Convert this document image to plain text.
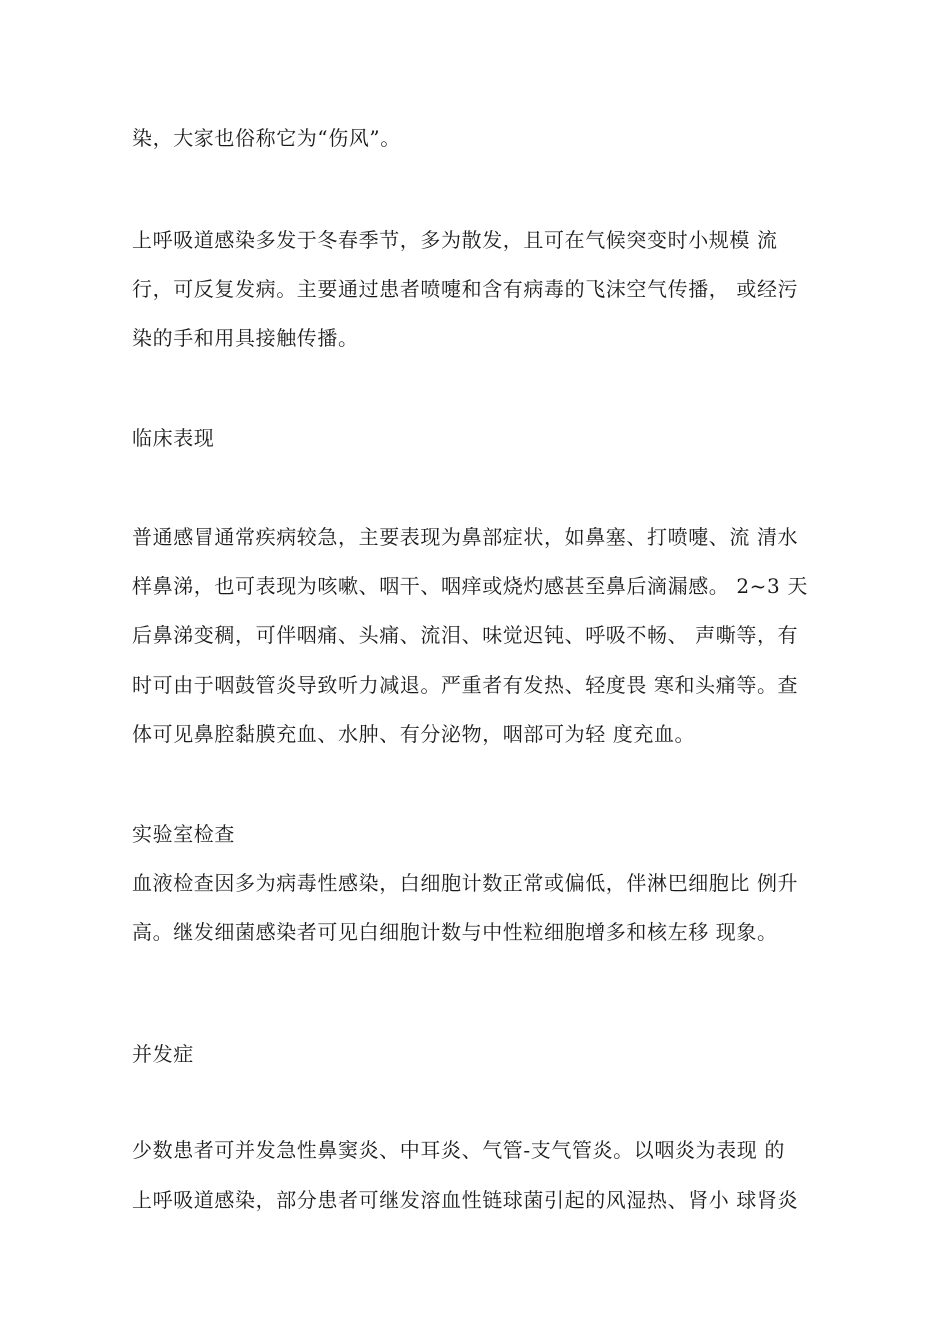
染，大家也俗称它为“伤风”。
上呼吸道感染多发于冬春季节，多为散发，且可在气候突变时小规模 流
行，可反复发病。主要通过患者喷嚏和含有病毒的飞沫空气传播， 或经污
染的手和用具接触传播。
临床表现
普通感冒通常疾病较急，主要表现为鼻部症状，如鼻塞、打喷嚏、流 清水
样鼻涕，也可表现为咳嗽、咽干、咽痒或烧灼感甚至鼻后滴漏感。 2~3 天
后鼻涕变稠，可伴咽痛、头痛、流泪、味觉迟钝、呼吸不畅、 声嘶等，有
时可由于咽鼓管炎导致听力减退。严重者有发热、轻度畏 寒和头痛等。查
体可见鼻腔黏膜充血、水肿、有分泌物，咽部可为轻 度充血。
实验室检查
血液检查因多为病毒性感染，白细胞计数正常或偏低，伴淋巴细胞比 例升
高。继发细菌感染者可见白细胞计数与中性粒细胞增多和核左移 现象。
并发症
少数患者可并发急性鼻窦炎、中耳炎、气管-支气管炎。以咽炎为表现 的
上呼吸道感染，部分患者可继发溶血性链球菌引起的风湿热、肾小 球肾炎
